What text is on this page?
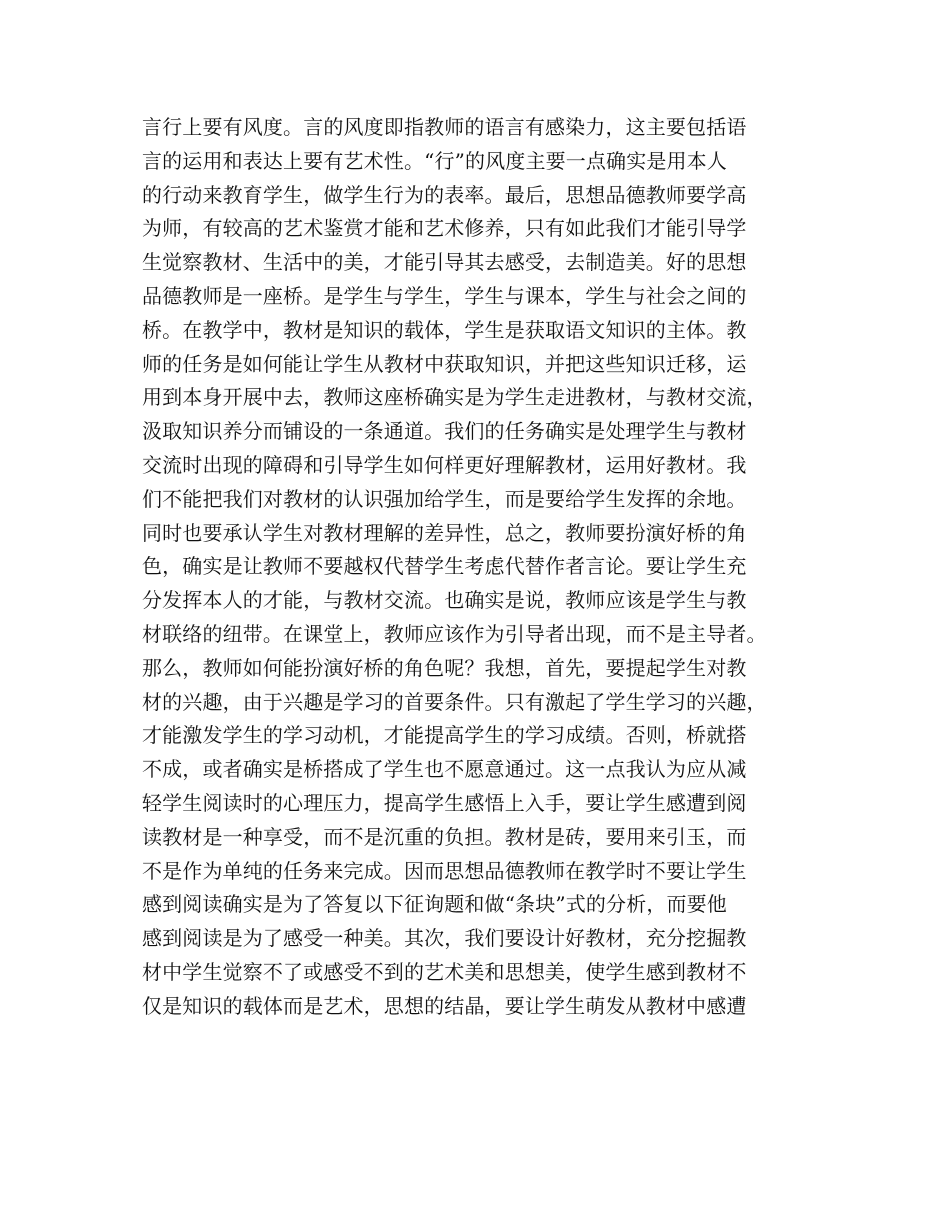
言行上要有风度。言的风度即指教师的语言有感染力，这主要包括语
言的运用和表达上要有艺术性。“行”的风度主要一点确实是用本人
的行动来教育学生，做学生行为的表率。最后，思想品德教师要学高
为师，有较高的艺术鉴赏才能和艺术修养，只有如此我们才能引导学
生觉察教材、生活中的美，才能引导其去感受，去制造美。好的思想
品德教师是一座桥。是学生与学生，学生与课本，学生与社会之间的
桥。在教学中，教材是知识的载体，学生是获取语文知识的主体。教
师的任务是如何能让学生从教材中获取知识，并把这些知识迁移，运
用到本身开展中去，教师这座桥确实是为学生走进教材，与教材交流，
汲取知识养分而铺设的一条通道。我们的任务确实是处理学生与教材
交流时出现的障碍和引导学生如何样更好理解教材，运用好教材。我
们不能把我们对教材的认识强加给学生，而是要给学生发挥的余地。
同时也要承认学生对教材理解的差异性，总之，教师要扮演好桥的角
色，确实是让教师不要越权代替学生考虑代替作者言论。要让学生充
分发挥本人的才能，与教材交流。也确实是说，教师应该是学生与教
材联络的纽带。在课堂上，教师应该作为引导者出现，而不是主导者。
那么，教师如何能扮演好桥的角色呢？我想，首先，要提起学生对教
材的兴趣，由于兴趣是学习的首要条件。只有激起了学生学习的兴趣，
才能激发学生的学习动机，才能提高学生的学习成绩。否则，桥就搭
不成，或者确实是桥搭成了学生也不愿意通过。这一点我认为应从减
轻学生阅读时的心理压力，提高学生感悟上入手，要让学生感遭到阅
读教材是一种享受，而不是沉重的负担。教材是砖，要用来引玉，而
不是作为单纯的任务来完成。因而思想品德教师在教学时不要让学生
感到阅读确实是为了答复以下征询题和做“条块”式的分析，而要他
感到阅读是为了感受一种美。其次，我们要设计好教材，充分挖掘教
材中学生觉察不了或感受不到的艺术美和思想美，使学生感到教材不
仅是知识的载体而是艺术，思想的结晶，要让学生萌发从教材中感遭
